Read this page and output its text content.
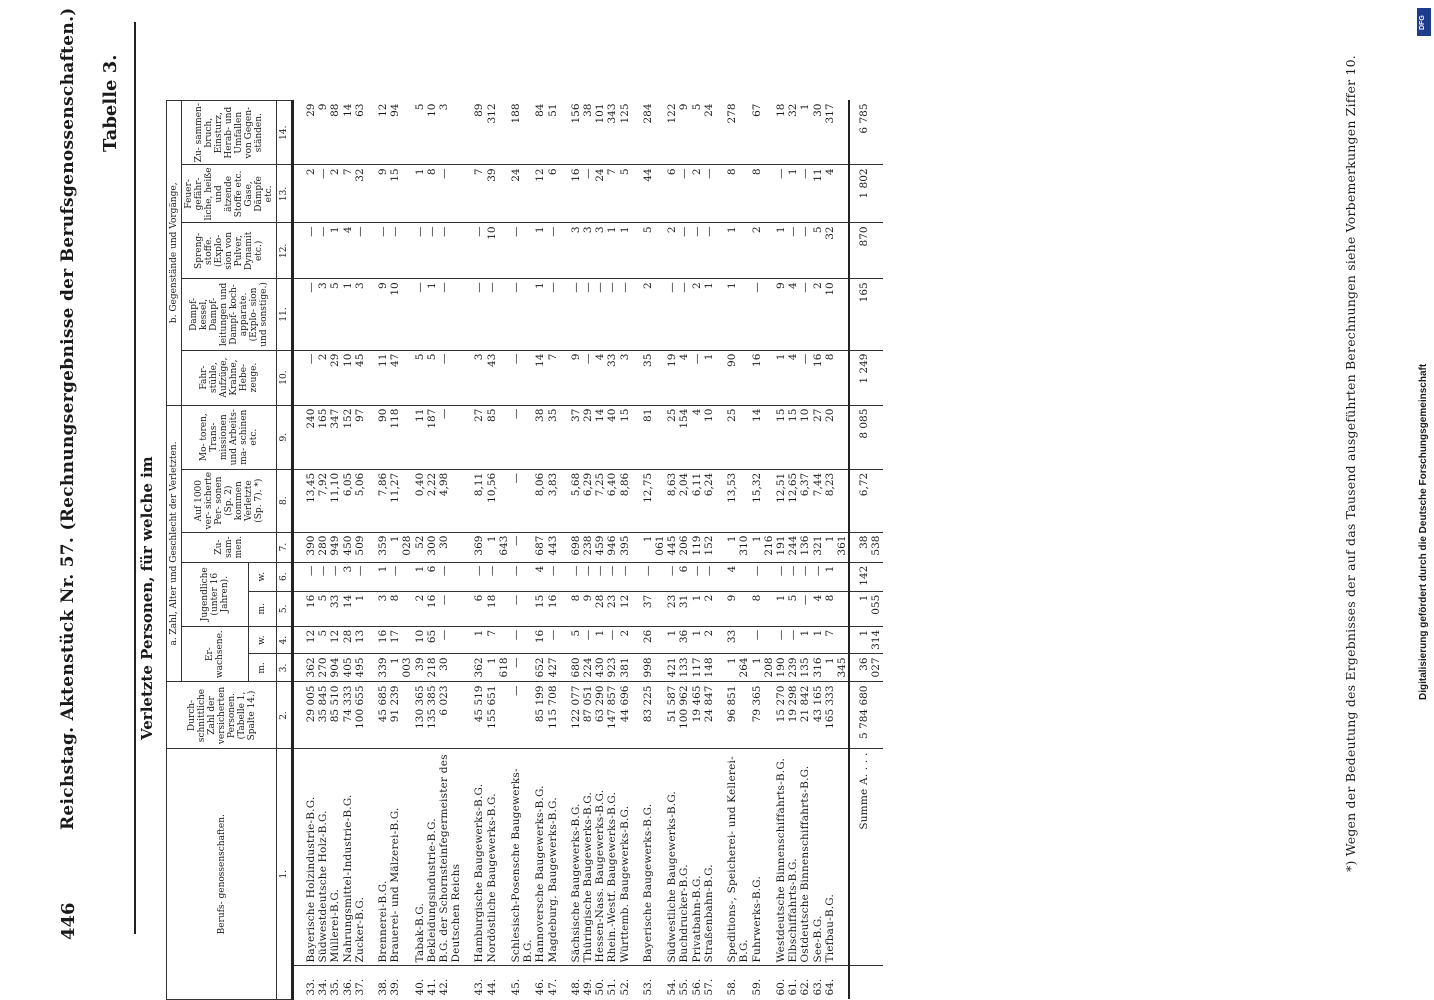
446
Reichstag. Aktenstück Nr. 57. (Rechnungsergebnisse der Berufsgenossenschaften.) Tabelle 3.	*) Wegen der Bedeutung des Ergebnisses der auf das Tausend ausgeführten Berechnungen siehe Vorbemerkungen Ziffer 10.	Digitalisierung gefördert durch die Deutsche Forschungsgemeinschaft
DFG
Verletzte Personen, für welche im
Berufs- genossenschaften.		Durch- schnittliche Zahl der versicherten Personen. (Tabelle 1, Spalte 14.)	a. Zahl, Alter und Geschlecht der Verletzten.							b. Gegenstände und Vorgänge,				
			Er- wachsene.		Jugendliche (unter 16 Jahren).		Zu- sam- men.	Auf 1000 ver- sicherte Per- sonen (Sp. 2) kommen Verletzte (Sp. 7). *)	Mo- toren, Trans- missionen und Arbeits- ma- schinen etc.	Fahr- stühle, Aufzüge, Krahne, Hebe- zeuge.	Dampf- kessel, Dampf- leitungen und Dampf- koch- apparate. (Explo- sion und sonstige.)	Spreng- stoffe. (Explo- sion von Pulver, Dynamit etc.)	Feuer- gefähr- liche, heiße und ätzende Stoffe etc. Gase, Dämpfe etc.	Zu- sammen- bruch, Einsturz, Herab- und Umfallen von Gegen- ständen.
			m.	w.	m.	w.								
1.		2.	3.	4.	5.	6.	7.	8.	9.	10.	11.	12.	13.	14.

33.	Bayerische Holzindustrie-B.G.	29 005	362	12	16	—	390	13,45	240	—	—	—	2	29
34.	Südwestdeutsche Holz-B.G.	35 845	270	5	5	—	280	7,92	165	2	3	—	—	9
35.	Müllerei-B.G.	85 510	904	12	33	—	949	11,10	347	29	5	1	2	88
36.	Nahrungsmittel-Industrie-B.G.	74 333	405	28	14	3	450	6,05	152	10	1	4	7	14
37.	Zucker-B.G.	100 655	495	13	1	—	509	5,06	97	45	3	—	32	63

38.	Brennerei-B.G.	45 685	339	16	3	1	359	7,86	90	11	9	—	9	12
39.	Brauerei- und Mälzerei-B.G.	91 239	1 003	17	8	—	1 028	11,27	118	47	10	—	15	94
40.	Tabak-B.G.	130 365	39	10	2	1	52	0,40	11	5	—	—	1	5
41.	Bekleidungsindustrie-B.G.	135 385	218	65	16	6	300	2,22	187	5	1	—	8	10
42.	B.G. der Schornsteinfegermeister des Deutschen Reichs	6 023	30	—	—	—	30	4,98	—	—	—	—	—	3

43.	Hamburgische Baugewerks-B.G.	45 519	362	1	6	—	369	8,11	27	3	—	—	7	89
44.	Nordöstliche Baugewerks-B.G.	155 651	1 618	7	18	—	1 643	10,56	85	43	—	10	39	312
45.	Schlesisch-Posensche Baugewerks-B.G.	—	—	—	—	—	—	—	—	—	—	—	24	188
46.	Hannoversche Baugewerks-B.G.	85 199	652	16	15	4	687	8,06	38	14	1	1	12	84
47.	Magdeburg. Baugewerks-B.G.	115 708	427	—	16	—	443	3,83	35	7	—	—	6	51

48.	Sächsische Baugewerks-B.G.	122 077	680	5	8	—	698	5,68	37	9	—	3	16	156
49.	Thüringische Baugewerks-B.G.	87 051	224	—	9	—	238	6,29	29	—	—	3	—	38
50.	Hessen-Nass. Baugewerks-B.G.	63 290	430	1	28	—	459	7,25	14	4	—	3	24	101
51.	Rhein.-Westf. Baugewerks-B.G.	147 857	923	—	23	—	946	6,40	40	33	—	1	7	343
52.	Württemb. Baugewerks-B.G.	44 696	381	2	12	—	395	8,86	15	3	—	1	5	125

53.	Bayerische Baugewerks-B.G.	83 225	998	26	37	—	1 061	12,75	81	35	2	5	44	284
54.	Südwestliche Baugewerks-B.G.	51 587	421	1	23	—	445	8,63	25	19	—	2	6	122
55.	Buchdrucker-B.G.	100 962	133	36	31	6	206	2,04	154	4	—	—	—	9
56.	Privatbahn-B.G.	19 465	117	1	1	—	119	6,11	4	—	2	—	2	5
57.	Straßenbahn-B.G.	24 847	148	2	2	—	152	6,24	10	1	1	—	—	24

58.	Speditions-, Speicherei- und Kellerei-B.G.	96 851	1 264	33	9	4	1 310	13,53	25	90	1	1	8	278
59.	Fuhrwerks-B.G.	79 365	1 208	—	8	—	1 216	15,32	14	16	—	2	8	67
60.	Westdeutsche Binnenschiffahrts-B.G.	15 270	190	—	1	—	191	12,51	15	1	9	1	—	18
61.	Elbschiffahrts-B.G.	19 298	239	—	5	—	244	12,65	15	4	4	—	1	32
62.	Ostdeutsche Binnenschiffahrts-B.G.	21 842	135	1	—	—	136	6,37	10	—	—	—	—	1
63.	See-B.G.	43 165	316	1	4	—	321	7,44	27	16	2	5	11	30
64.	Tiefbau-B.G.	165 333	1 345	7	8	1	1 361	8,23	20	8	10	32	4	317
	Summe A. . . .	5 784 680	36 027	1 314	1 055	142	38 538	6,72	8 085	1 249	165	870	1 802	6 785
